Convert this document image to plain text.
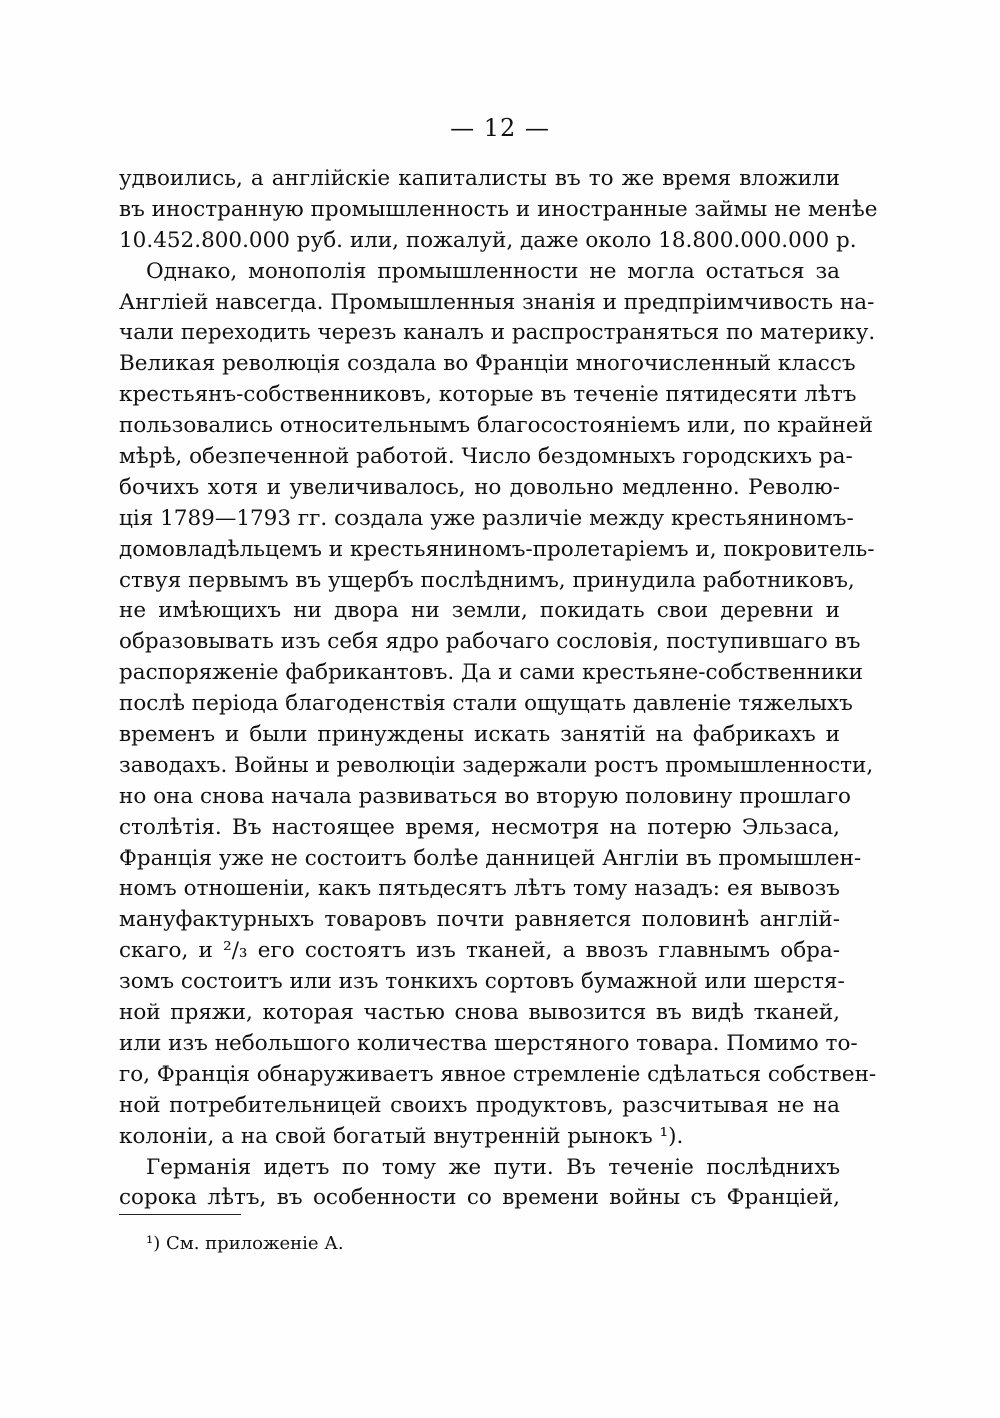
— 12 —
удвоились, а англійскіе капиталисты въ то же время вложили
въ иностранную промышленность и иностранные займы не менѣе
10.452.800.000 руб. или, пожалуй, даже около 18.800.000.000 р.
Однако, монополія промышленности не могла остаться за
Англіей навсегда. Промышленныя знанія и предпріимчивость на-
чали переходить черезъ каналъ и распространяться по материку.
Великая революція создала во Франціи многочисленный классъ
крестьянъ-собственниковъ, которые въ теченіе пятидесяти лѣтъ
пользовались относительнымъ благосостояніемъ или, по крайней
мѣрѣ, обезпеченной работой. Число бездомныхъ городскихъ ра-
бочихъ хотя и увеличивалось, но довольно медленно. Револю-
ція 1789—1793 гг. создала уже различіе между крестьяниномъ-
домовладѣльцемъ и крестьяниномъ-пролетаріемъ и, покровитель-
ствуя первымъ въ ущербъ послѣднимъ, принудила работниковъ,
не имѣющихъ ни двора ни земли, покидать свои деревни и
образовывать изъ себя ядро рабочаго сословія, поступившаго въ
распоряженіе фабрикантовъ. Да и сами крестьяне-собственники
послѣ періода благоденствія стали ощущать давленіе тяжелыхъ
временъ и были принуждены искать занятій на фабрикахъ и
заводахъ. Войны и революціи задержали ростъ промышленности,
но она снова начала развиваться во вторую половину прошлаго
столѣтія. Въ настоящее время, несмотря на потерю Эльзаса,
Франція уже не состоитъ болѣе данницей Англіи въ промышлен-
номъ отношеніи, какъ пятьдесятъ лѣтъ тому назадъ: ея вывозъ
мануфактурныхъ товаровъ почти равняется половинѣ англій-
скаго, и ²/₃ его состоятъ изъ тканей, а ввозъ главнымъ обра-
зомъ состоитъ или изъ тонкихъ сортовъ бумажной или шерстя-
ной пряжи, которая частью снова вывозится въ видѣ тканей,
или изъ небольшого количества шерстяного товара. Помимо то-
го, Франція обнаруживаетъ явное стремленіе сдѣлаться собствен-
ной потребительницей своихъ продуктовъ, разсчитывая не на
колоніи, а на свой богатый внутренній рынокъ ¹).
Германія идетъ по тому же пути. Въ теченіе послѣднихъ
сорока лѣтъ, въ особенности со времени войны съ Франціей,
¹) См. приложеніе А.
